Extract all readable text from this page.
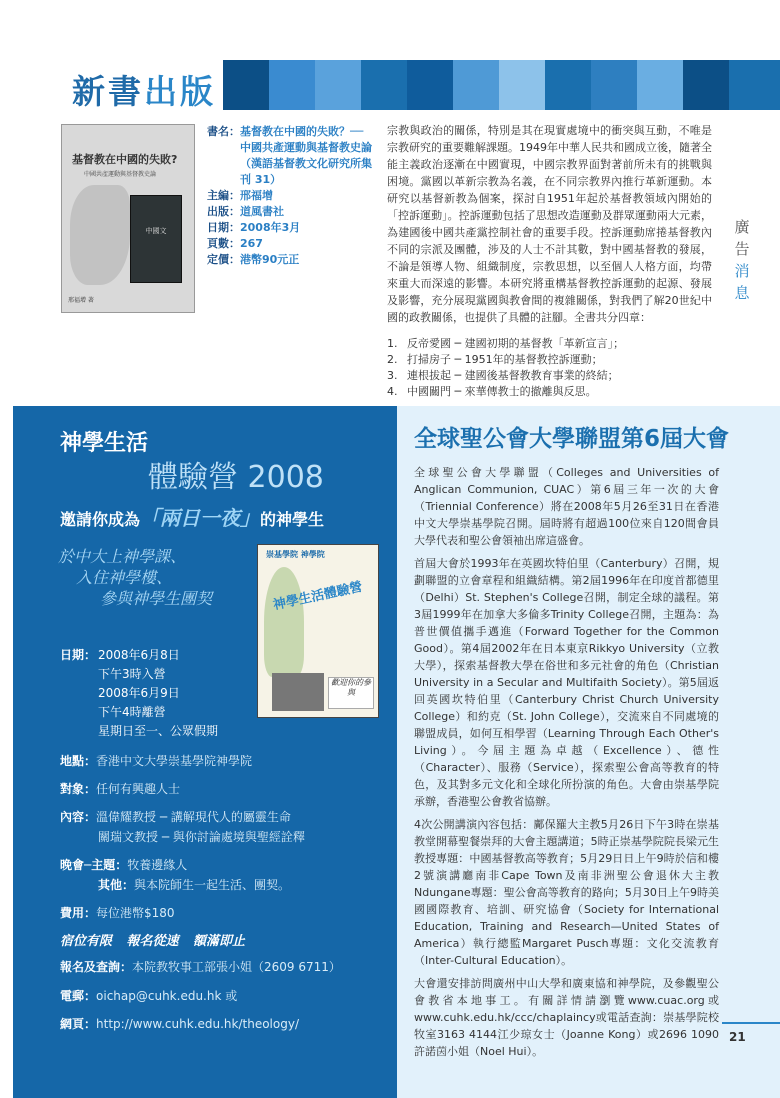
新書出版
基督教在中國的失敗?
中國共產運動與基督教史論
中國文
邢福增 著
書名： 基督教在中國的失敗？── 中國共產運動與基督教史論（漢語基督教文化研究所集刊 31）
主編： 邢福增
出版： 道風書社
日期： 2008年3月
頁數： 267
定價： 港幣90元正
宗教與政治的關係，特別是其在現實處境中的衝突與互動，不唯是宗教研究的重要難解課題。1949年中華人民共和國成立後，隨著全能主義政治逐漸在中國實現，中國宗教界面對著前所未有的挑戰與困境。黨國以革新宗教為名義，在不同宗教界內推行革新運動。本研究以基督新教為個案，探討自1951年起於基督教領域內開始的「控訴運動」。控訴運動包括了思想改造運動及群眾運動兩大元素，為建國後中國共產黨控制社會的重要手段。控訴運動席捲基督教內不同的宗派及團體，涉及的人士不計其數，對中國基督教的發展，不論是領導人物、組織制度，宗教思想，以至個人人格方面，均帶來重大而深遠的影響。本研究將重構基督教控訴運動的起源、發展及影響，充分展現黨國與教會間的複雜關係，對我們了解20世紀中國的政教關係，也提供了具體的註腳。全書共分四章：
1. 反帝愛國 ─ 建國初期的基督教「革新宣言」；
2. 打掃房子 ─ 1951年的基督教控訴運動；
3. 連根拔起 ─ 建國後基督教教育事業的終結；
4. 中國關門 ─ 來華傳教士的撤離與反思。
廣告消息
神學生活
體驗營 2008
邀請你成為「兩日一夜」的神學生
於中大上神學課、
入住神學樓、
參與神學生團契
崇基學院 神學院
神學生活體驗營
歡迎你的參與
日期： 2008年6月8日
下午3時入營
2008年6月9日
下午4時離營
星期日至一、公眾假期
地點：香港中文大學崇基學院神學院
對象：任何有興趣人士
內容：溫偉耀教授 ─ 講解現代人的屬靈生命
關瑞文教授 ─ 與你討論處境與聖經詮釋
晚會─主題：牧養邊緣人
其他：與本院師生一起生活、團契。
費用：每位港幣$180
宿位有限 報名從速 額滿即止
報名及查詢：本院教牧事工部張小姐（2609 6711）
電郵：oichap@cuhk.edu.hk 或
網頁：http://www.cuhk.edu.hk/theology/
全球聖公會大學聯盟第6屆大會

全球聖公會大學聯盟（Colleges and Universities of Anglican Communion, CUAC）第6屆三年一次的大會（Triennial Conference）將在2008年5月26至31日在香港中文大學崇基學院召開。屆時將有超過100位來自120間會員大學代表和聖公會領袖出席這盛會。

首屆大會於1993年在英國坎特伯里（Canterbury）召開，規劃聯盟的立會章程和組織結構。第2屆1996年在印度首都德里（Delhi）St. Stephen's College召開，制定全球的議程。第3屆1999年在加拿大多倫多Trinity College召開，主題為：為普世價值攜手邁進（Forward Together for the Common Good）。第4屆2002年在日本東京Rikkyo University（立教大學），探索基督教大學在俗世和多元社會的角色（Christian University in a Secular and Multifaith Society）。第5屆返回英國坎特伯里（Canterbury Christ Church University College）和約克（St. John College），交流來自不同處境的聯盟成員，如何互相學習（Learning Through Each Other's Living）。今屆主題為卓越（Excellence）、德性（Character）、服務（Service），探索聖公會高等教育的特色，及其對多元文化和全球化所扮演的角色。大會由崇基學院承辦，香港聖公會教省協辦。

4次公開講演內容包括：鄺保羅大主教5月26日下午3時在崇基教堂開幕聖餐崇拜的大會主題講道；5時正崇基學院院長梁元生教授專題：中國基督教高等教育；5月29日日上午9時於信和樓2號演講廳南非Cape Town及南非洲聖公會退休大主教Ndungane專題：聖公會高等教育的路向；5月30日上午9時美國國際教育、培訓、研究協會（Society for International Education, Training and Research—United States of America）執行總監Margaret Pusch專題：文化交流教育（Inter-Cultural Education）。

大會還安排訪問廣州中山大學和廣東協和神學院，及參觀聖公會教省本地事工。有關詳情請瀏覽www.cuac.org或www.cuhk.edu.hk/ccc/chaplaincy或電話查詢：崇基學院校牧室3163 4144江少琼女士（Joanne Kong）或2696 1090許諾茵小姐（Noel Hui）。

21
